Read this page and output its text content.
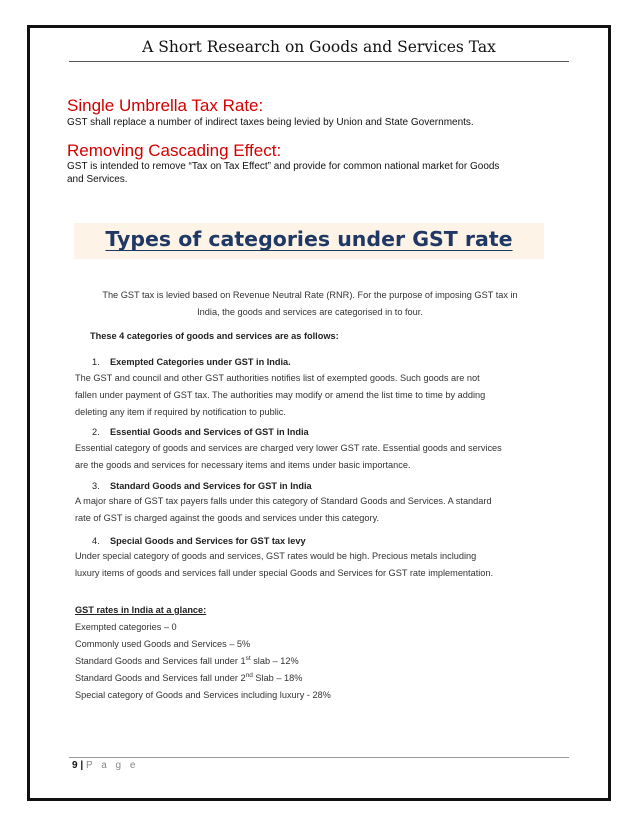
A Short Research on Goods and Services Tax
Single Umbrella Tax Rate:
GST shall replace a number of indirect taxes being levied by Union and State Governments.
Removing Cascading Effect:
GST is intended to remove “Tax on Tax Effect” and provide for common national market for Goods
and Services.
Types of categories under GST rate
The GST tax is levied based on Revenue Neutral Rate (RNR). For the purpose of imposing GST tax in
India, the goods and services are categorised in to four.
These 4 categories of goods and services are as follows:
1. Exempted Categories under GST in India.
The GST and council and other GST authorities notifies list of exempted goods. Such goods are not
fallen under payment of GST tax. The authorities may modify or amend the list time to time by adding
deleting any item if required by notification to public.
2. Essential Goods and Services of GST in India
Essential category of goods and services are charged very lower GST rate. Essential goods and services
are the goods and services for necessary items and items under basic importance.
3. Standard Goods and Services for GST in India
A major share of GST tax payers falls under this category of Standard Goods and Services. A standard
rate of GST is charged against the goods and services under this category.
4. Special Goods and Services for GST tax levy
Under special category of goods and services, GST rates would be high. Precious metals including
luxury items of goods and services fall under special Goods and Services for GST rate implementation.
GST rates in India at a glance:
Exempted categories – 0
Commonly used Goods and Services – 5%
Standard Goods and Services fall under 1st slab – 12%
Standard Goods and Services fall under 2nd Slab – 18%
Special category of Goods and Services including luxury - 28%
9 | P a g e
